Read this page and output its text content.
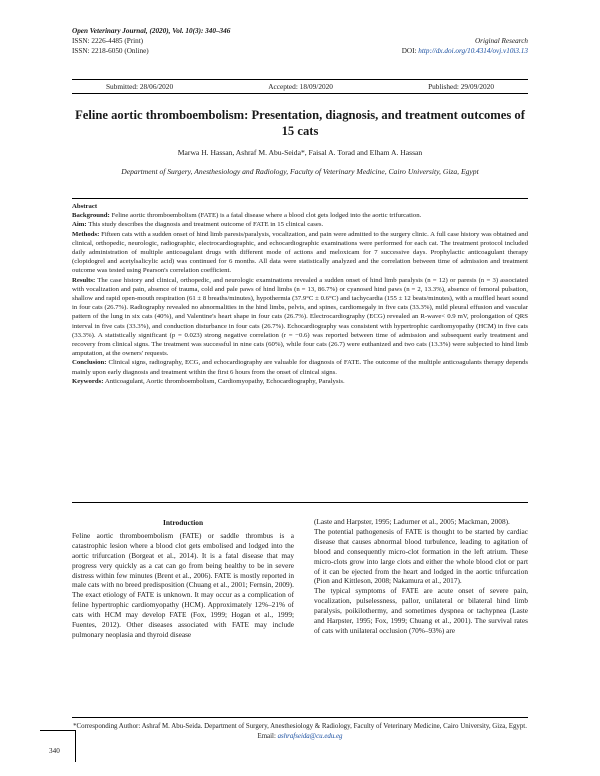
Open Veterinary Journal, (2020), Vol. 10(3): 340–346
ISSN: 2226-4485 (Print)
ISSN: 2218-6050 (Online)
Original Research
DOI: http://dx.doi.org/10.4314/ovj.v10i3.13
Submitted: 28/06/2020	Accepted: 18/09/2020	Published: 29/09/2020
Feline aortic thromboembolism: Presentation, diagnosis, and treatment outcomes of 15 cats
Marwa H. Hassan, Ashraf M. Abu-Seida*, Faisal A. Torad and Elham A. Hassan
Department of Surgery, Anesthesiology and Radiology, Faculty of Veterinary Medicine, Cairo University, Giza, Egypt

Abstract

Background: Feline aortic thromboembolism (FATE) is a fatal disease where a blood clot gets lodged into the aortic trifurcation.

Aim: This study describes the diagnosis and treatment outcome of FATE in 15 clinical cases.

Methods: Fifteen cats with a sudden onset of hind limb paresis/paralysis, vocalization, and pain were admitted to the surgery clinic. A full case history was obtained and clinical, orthopedic, neurologic, radiographic, electrocardiographic, and echocardiographic examinations were performed for each cat. The treatment protocol included daily administration of multiple anticoagulant drugs with different mode of actions and meloxicam for 7 successive days. Prophylactic anticoagulant therapy (clopidogrel and acetylsalicylic acid) was continued for 6 months. All data were statistically analyzed and the correlation between time of admission and treatment outcome was tested using Pearson's correlation coefficient.

Results: The case history and clinical, orthopedic, and neurologic examinations revealed a sudden onset of hind limb paralysis (n = 12) or paresis (n = 3) associated with vocalization and pain, absence of trauma, cold and pale paws of hind limbs (n = 13, 86.7%) or cyanosed hind paws (n = 2, 13.3%), absence of femoral pulsation, shallow and rapid open-mouth respiration (61 ± 8 breaths/minutes), hypothermia (37.9°C ± 0.6°C) and tachycardia (155 ± 12 beats/minutes), with a muffled heart sound in four cats (26.7%). Radiography revealed no abnormalities in the hind limbs, pelvis, and spines, cardiomegaly in five cats (33.3%), mild pleural effusion and vascular pattern of the lung in six cats (40%), and Valentine's heart shape in four cats (26.7%). Electrocardiography (ECG) revealed an R-wave< 0.9 mV, prolongation of QRS interval in five cats (33.3%), and conduction disturbance in four cats (26.7%). Echocardiography was consistent with hypertrophic cardiomyopathy (HCM) in five cats (33.3%). A statistically significant (p = 0.023) strong negative correlation (r = −0.6) was reported between time of admission and subsequent early treatment and recovery from clinical signs. The treatment was successful in nine cats (60%), while four cats (26.7) were euthanized and two cats (13.3%) were subjected to hind limb amputation, at the owners' requests.

Conclusion: Clinical signs, radiography, ECG, and echocardiography are valuable for diagnosis of FATE. The outcome of the multiple anticoagulants therapy depends mainly upon early diagnosis and treatment within the first 6 hours from the onset of clinical signs.

Keywords: Anticoagulant, Aortic thromboembolism, Cardiomyopathy, Echocardiography, Paralysis.

Introduction

Feline aortic thromboembolism (FATE) or saddle thrombus is a catastrophic lesion where a blood clot gets embolised and lodged into the aortic trifurcation (Borgeat et al., 2014). It is a fatal disease that may progress very quickly as a cat can go from being healthy to be in severe distress within few minutes (Brent et al., 2006). FATE is mostly reported in male cats with no breed predisposition (Chuang et al., 2001; Fernsin, 2009).

The exact etiology of FATE is unknown. It may occur as a complication of feline hypertrophic cardiomyopathy (HCM). Approximately 12%–21% of cats with HCM may develop FATE (Fox, 1999; Hogan et al., 1999; Fuentes, 2012). Other diseases associated with FATE may include pulmonary neoplasia and thyroid disease

(Laste and Harpster, 1995; Ladurner et al., 2005; Mackman, 2008).

The potential pathogenesis of FATE is thought to be started by cardiac disease that causes abnormal blood turbulence, leading to agitation of blood and consequently micro-clot formation in the left atrium. These micro-clots grow into large clots and either the whole blood clot or part of it can be ejected from the heart and lodged in the aortic trifurcation (Pion and Kittleson, 2008; Nakamura et al., 2017).

The typical symptoms of FATE are acute onset of severe pain, vocalization, pulselessness, pallor, unilateral or bilateral hind limb paralysis, poikilothermy, and sometimes dyspnea or tachypnea (Laste and Harpster, 1995; Fox, 1999; Chuang et al., 2001). The survival rates of cats with unilateral occlusion (70%–93%) are

*Corresponding Author: Ashraf M. Abu-Seida. Department of Surgery, Anesthesiology & Radiology, Faculty of Veterinary Medicine, Cairo University, Giza, Egypt. Email: ashrafseida@cu.edu.eg
340
